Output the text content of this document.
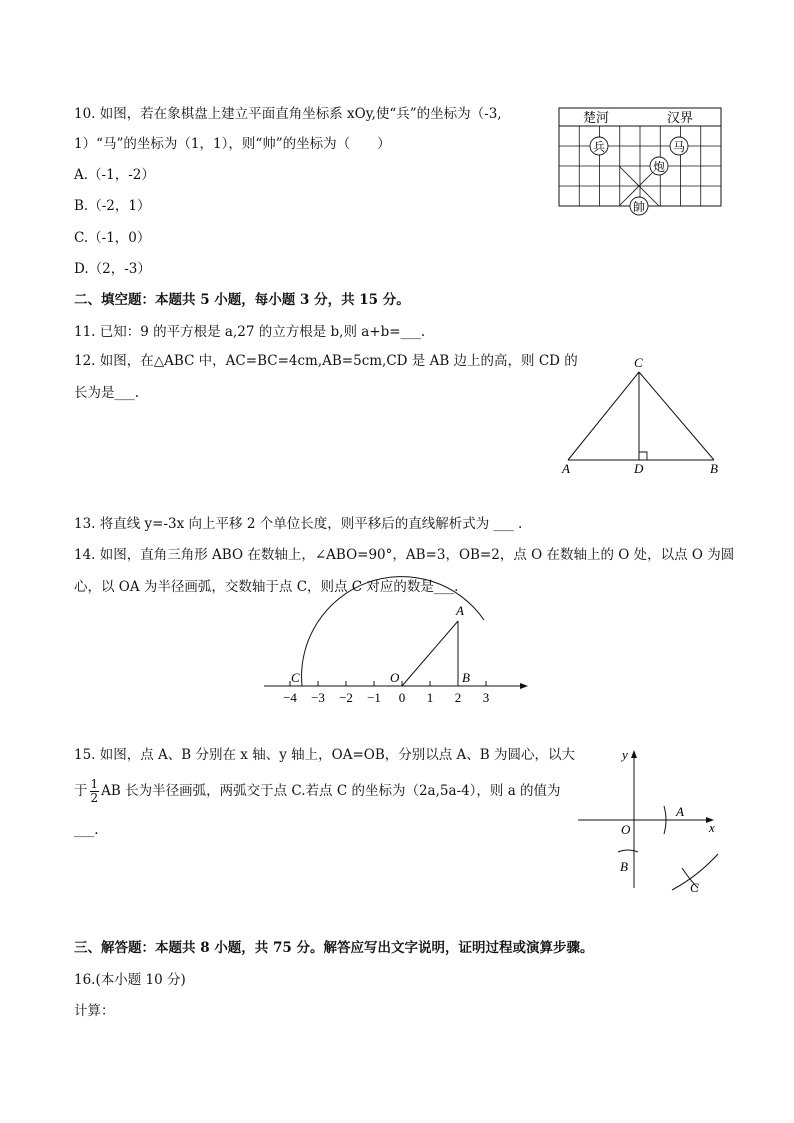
10. 如图，若在象棋盘上建立平面直角坐标系 xOy,使“兵”的坐标为（-3,
1）“马”的坐标为（1，1），则“帅”的坐标为（　　）
A.（-1，-2）
B.（-2，1）
C.（-1，0）
D.（2，-3）
楚河	汉界
兵	马
炮
帥
二、填空题：本题共 5 小题，每小题 3 分，共 15 分。
11. 已知：9 的平方根是 a,27 的立方根是 b,则 a+b=___.
12. 如图，在△ABC 中，AC=BC=4cm,AB=5cm,CD 是 AB 边上的高，则 CD 的
长为是___.
C
A	D	B
13. 将直线 y=-3x 向上平移 2 个单位长度，则平移后的直线解析式为 ___ .
14. 如图，直角三角形 ABO 在数轴上，∠ABO=90°，AB=3，OB=2，点 O 在数轴上的 O 处，以点 O 为圆
心，以 OA 为半径画弧，交数轴于点 C，则点 C 对应的数是___.
−4 −3 −2 −1 0 1 2 3
A
B
C	O
15. 如图，点 A、B 分别在 x 轴、y 轴上，OA=OB，分别以点 A、B 为圆心，以大
于 $\frac{1}{2}$ AB 长为半径画弧，两弧交于点 C.若点 C 的坐标为（2a,5a-4），则 a 的值为
___.
y
x
O
A
B
C
三、解答题：本题共 8 小题，共 75 分。解答应写出文字说明，证明过程或演算步骤。
16.(本小题 10 分)
计算：
